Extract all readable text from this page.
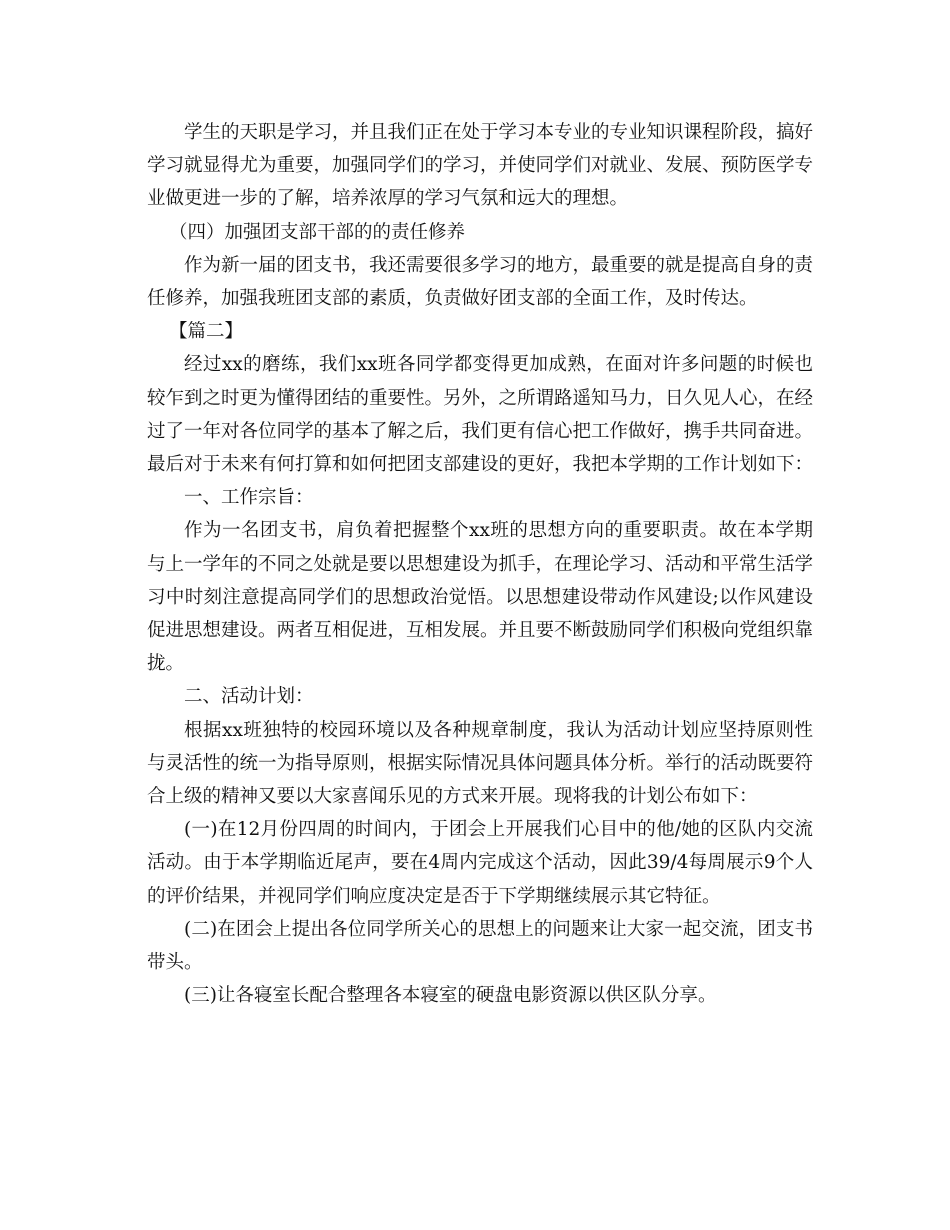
学生的天职是学习，并且我们正在处于学习本专业的专业知识课程阶段，搞好学习就显得尤为重要，加强同学们的学习，并使同学们对就业、发展、预防医学专业做更进一步的了解，培养浓厚的学习气氛和远大的理想。

（四）加强团支部干部的的责任修养

作为新一届的团支书，我还需要很多学习的地方，最重要的就是提高自身的责任修养，加强我班团支部的素质，负责做好团支部的全面工作，及时传达。

【篇二】

经过xx的磨练，我们xx班各同学都变得更加成熟，在面对许多问题的时候也较乍到之时更为懂得团结的重要性。另外，之所谓路遥知马力，日久见人心，在经过了一年对各位同学的基本了解之后，我们更有信心把工作做好，携手共同奋进。最后对于未来有何打算和如何把团支部建设的更好，我把本学期的工作计划如下：

一、工作宗旨：

作为一名团支书，肩负着把握整个xx班的思想方向的重要职责。故在本学期与上一学年的不同之处就是要以思想建设为抓手，在理论学习、活动和平常生活学习中时刻注意提高同学们的思想政治觉悟。以思想建设带动作风建设;以作风建设促进思想建设。两者互相促进，互相发展。并且要不断鼓励同学们积极向党组织靠拢。

二、活动计划：

根据xx班独特的校园环境以及各种规章制度，我认为活动计划应坚持原则性与灵活性的统一为指导原则，根据实际情况具体问题具体分析。举行的活动既要符合上级的精神又要以大家喜闻乐见的方式来开展。现将我的计划公布如下：

(一)在12月份四周的时间内，于团会上开展我们心目中的他/她的区队内交流活动。由于本学期临近尾声，要在4周内完成这个活动，因此39/4每周展示9个人的评价结果，并视同学们响应度决定是否于下学期继续展示其它特征。

(二)在团会上提出各位同学所关心的思想上的问题来让大家一起交流，团支书带头。

(三)让各寝室长配合整理各本寝室的硬盘电影资源以供区队分享。
